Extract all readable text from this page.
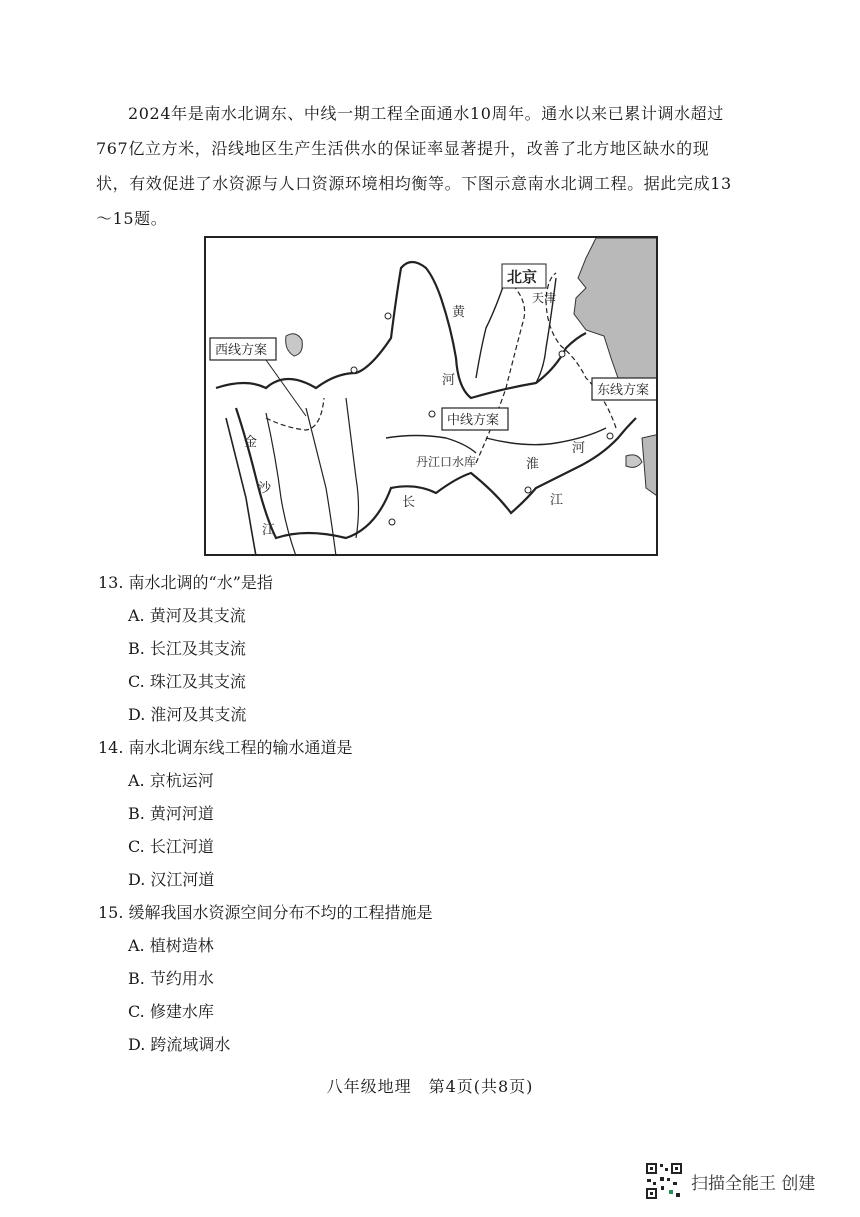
2024年是南水北调东、中线一期工程全面通水10周年。通水以来已累计调水超过767亿立方米，沿线地区生产生活供水的保证率显著提升，改善了北方地区缺水的现状，有效促进了水资源与人口资源环境相均衡等。下图示意南水北调工程。据此完成13～15题。

北京
天津
西线方案
中线方案
东线方案
丹江口水库
黄
河
金
沙
江
长	江
淮
河
13. 南水北调的“水”是指
A. 黄河及其支流
B. 长江及其支流
C. 珠江及其支流
D. 淮河及其支流
14. 南水北调东线工程的输水通道是
A. 京杭运河
B. 黄河河道
C. 长江河道
D. 汉江河道
15. 缓解我国水资源空间分布不均的工程措施是
A. 植树造林
B. 节约用水
C. 修建水库
D. 跨流域调水
八年级地理　第4页(共8页)
扫描全能王 创建
